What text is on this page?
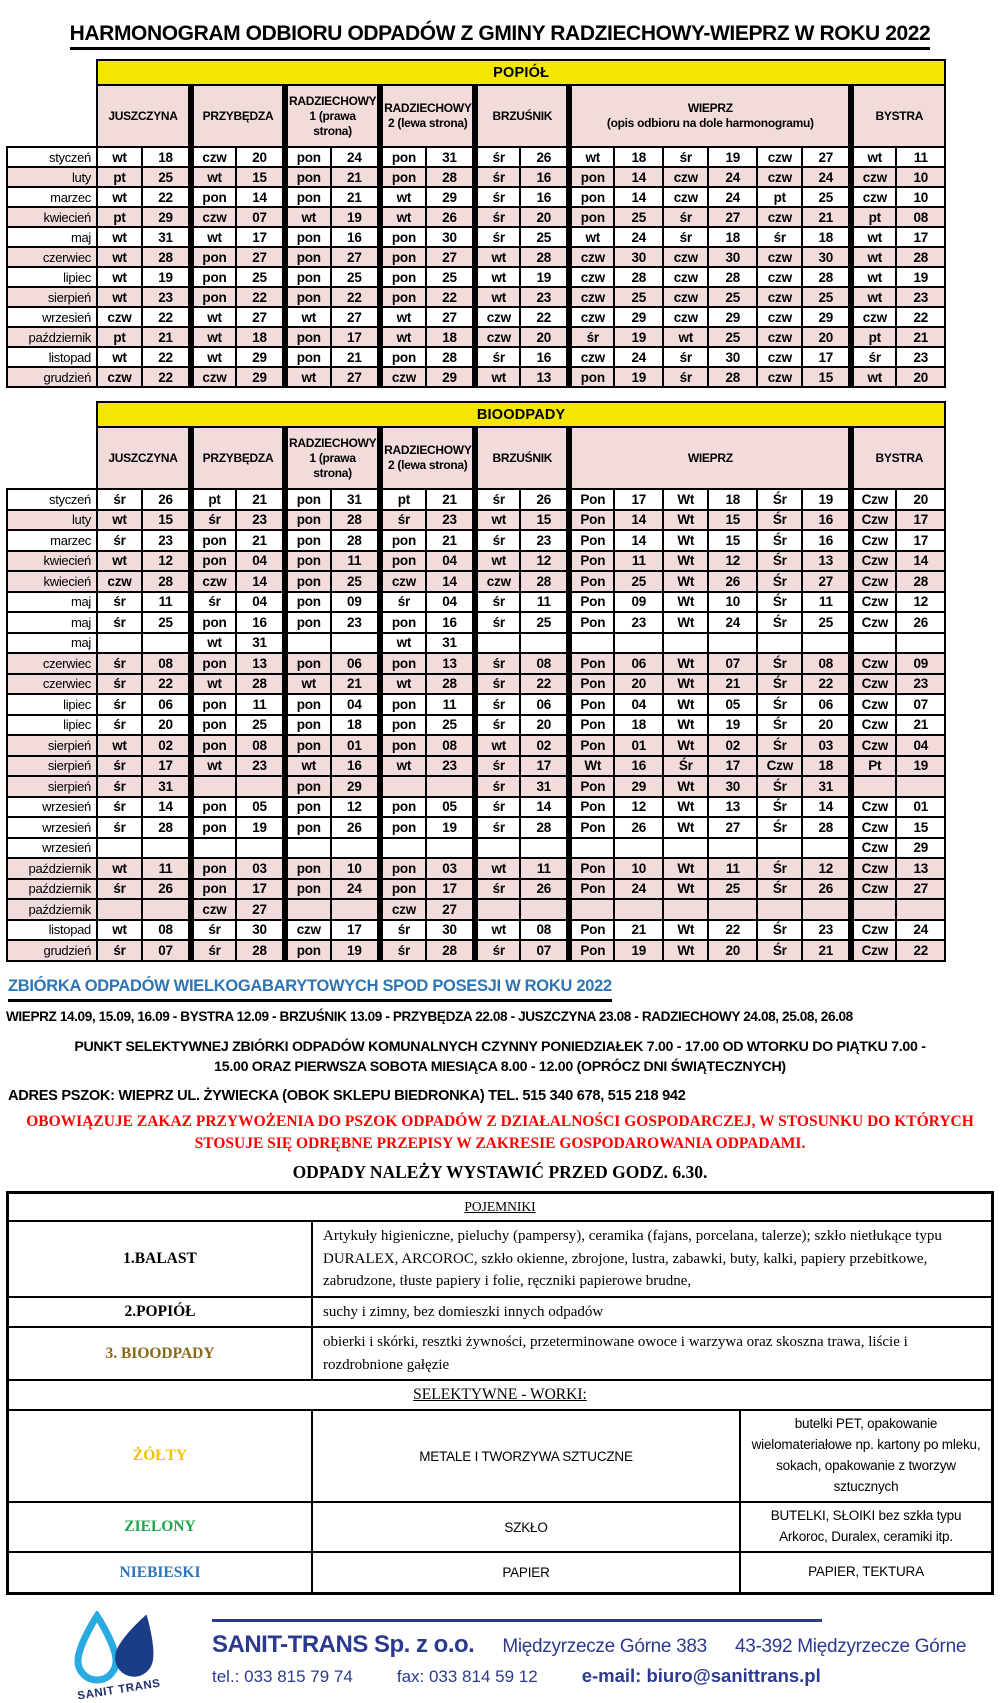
HARMONOGRAM ODBIORU ODPADÓW Z GMINY RADZIECHOWY-WIEPRZ W ROKU 2022
	POPIÓŁ																	
	JUSZCZYNA		PRZYBĘDZA		RADZIECHOWY 1 (prawa strona)		RADZIECHOWY 2 (lewa strona)		BRZUŚNIK		WIEPRZ
(opis odbioru na dole harmonogramu)						BYSTRA	
styczeń	wt	18	czw	20	pon	24	pon	31	śr	26	wt	18	śr	19	czw	27	wt	11
luty	pt	25	wt	15	pon	21	pon	28	śr	16	pon	14	czw	24	czw	24	czw	10
marzec	wt	22	pon	14	pon	21	wt	29	śr	16	pon	14	czw	24	pt	25	czw	10
kwiecień	pt	29	czw	07	wt	19	wt	26	śr	20	pon	25	śr	27	czw	21	pt	08
maj	wt	31	wt	17	pon	16	pon	30	śr	25	wt	24	śr	18	śr	18	wt	17
czerwiec	wt	28	pon	27	pon	27	pon	27	wt	28	czw	30	czw	30	czw	30	wt	28
lipiec	wt	19	pon	25	pon	25	pon	25	wt	19	czw	28	czw	28	czw	28	wt	19
sierpień	wt	23	pon	22	pon	22	pon	22	wt	23	czw	25	czw	25	czw	25	wt	23
wrzesień	czw	22	wt	27	wt	27	wt	27	czw	22	czw	29	czw	29	czw	29	czw	22
październik	pt	21	wt	18	pon	17	wt	18	czw	20	śr	19	wt	25	czw	20	pt	21
listopad	wt	22	wt	29	pon	21	pon	28	śr	16	czw	24	śr	30	czw	17	śr	23
grudzień	czw	22	czw	29	wt	27	czw	29	wt	13	pon	19	śr	28	czw	15	wt	20
	BIOODPADY																	
	JUSZCZYNA		PRZYBĘDZA		RADZIECHOWY 1 (prawa strona)		RADZIECHOWY 2 (lewa strona)		BRZUŚNIK		WIEPRZ						BYSTRA	
styczeń	śr	26	pt	21	pon	31	pt	21	śr	26	Pon	17	Wt	18	Śr	19	Czw	20
luty	wt	15	śr	23	pon	28	śr	23	wt	15	Pon	14	Wt	15	Śr	16	Czw	17
marzec	śr	23	pon	21	pon	28	pon	21	śr	23	Pon	14	Wt	15	Śr	16	Czw	17
kwiecień	wt	12	pon	04	pon	11	pon	04	wt	12	Pon	11	Wt	12	Śr	13	Czw	14
kwiecień	czw	28	czw	14	pon	25	czw	14	czw	28	Pon	25	Wt	26	Śr	27	Czw	28
maj	śr	11	śr	04	pon	09	śr	04	śr	11	Pon	09	Wt	10	Śr	11	Czw	12
maj	śr	25	pon	16	pon	23	pon	16	śr	25	Pon	23	Wt	24	Śr	25	Czw	26
maj			wt	31			wt	31										
czerwiec	śr	08	pon	13	pon	06	pon	13	śr	08	Pon	06	Wt	07	Śr	08	Czw	09
czerwiec	śr	22	wt	28	wt	21	wt	28	śr	22	Pon	20	Wt	21	Śr	22	Czw	23
lipiec	śr	06	pon	11	pon	04	pon	11	śr	06	Pon	04	Wt	05	Śr	06	Czw	07
lipiec	śr	20	pon	25	pon	18	pon	25	śr	20	Pon	18	Wt	19	Śr	20	Czw	21
sierpień	wt	02	pon	08	pon	01	pon	08	wt	02	Pon	01	Wt	02	Śr	03	Czw	04
sierpień	śr	17	wt	23	wt	16	wt	23	śr	17	Wt	16	Śr	17	Czw	18	Pt	19
sierpień	śr	31			pon	29			śr	31	Pon	29	Wt	30	Śr	31		
wrzesień	śr	14	pon	05	pon	12	pon	05	śr	14	Pon	12	Wt	13	Śr	14	Czw	01
wrzesień	śr	28	pon	19	pon	26	pon	19	śr	28	Pon	26	Wt	27	Śr	28	Czw	15
wrzesień																	Czw	29
październik	wt	11	pon	03	pon	10	pon	03	wt	11	Pon	10	Wt	11	Śr	12	Czw	13
październik	śr	26	pon	17	pon	24	pon	17	śr	26	Pon	24	Wt	25	Śr	26	Czw	27
październik			czw	27			czw	27										
listopad	wt	08	śr	30	czw	17	śr	30	wt	08	Pon	21	Wt	22	Śr	23	Czw	24
grudzień	śr	07	śr	28	pon	19	śr	28	śr	07	Pon	19	Wt	20	Śr	21	Czw	22
ZBIÓRKA ODPADÓW WIELKOGABARYTOWYCH SPOD POSESJI W ROKU 2022
WIEPRZ 14.09, 15.09, 16.09 - BYSTRA 12.09 - BRZUŚNIK 13.09 - PRZYBĘDZA 22.08 - JUSZCZYNA 23.08 - RADZIECHOWY 24.08, 25.08, 26.08
PUNKT SELEKTYWNEJ ZBIÓRKI ODPADÓW KOMUNALNYCH CZYNNY PONIEDZIAŁEK 7.00 - 17.00 OD WTORKU DO PIĄTKU 7.00 -
15.00 ORAZ PIERWSZA SOBOTA MIESIĄCA 8.00 - 12.00 (OPRÓCZ DNI ŚWIĄTECZNYCH)
ADRES PSZOK: WIEPRZ UL. ŻYWIECKA (OBOK SKLEPU BIEDRONKA) TEL. 515 340 678, 515 218 942
OBOWIĄZUJE ZAKAZ PRZYWOŻENIA DO PSZOK ODPADÓW Z DZIAŁALNOŚCI GOSPODARCZEJ, W STOSUNKU DO KTÓRYCH STOSUJE SIĘ ODRĘBNE PRZEPISY W ZAKRESIE GOSPODAROWANIA ODPADAMI.
ODPADY NALEŻY WYSTAWIĆ PRZED GODZ. 6.30.
POJEMNIKI		
1.BALAST	Artykuły higieniczne, pieluchy (pampersy), ceramika (fajans, porcelana, talerze); szkło nietłukące typu DURALEX, ARCOROC, szkło okienne, zbrojone, lustra, zabawki, buty, kalki, papiery przebitkowe, zabrudzone, tłuste papiery i folie, ręczniki papierowe brudne,	
2.POPIÓŁ	suchy i zimny, bez domieszki innych odpadów	
3. BIOODPADY	obierki i skórki, resztki żywności, przeterminowane owoce i warzywa oraz skoszna trawa, liście i rozdrobnione gałęzie	
SELEKTYWNE - WORKI:		
ŻÓŁTY	METALE I TWORZYWA SZTUCZNE	butelki PET, opakowanie wielomateriałowe np. kartony po mleku, sokach, opakowanie z tworzyw sztucznych
ZIELONY	SZKŁO	BUTELKI, SŁOIKI bez szkła typu Arkoroc, Duralex, ceramiki itp.
NIEBIESKI	PAPIER	PAPIER, TEKTURA
SANIT TRANS
SANIT-TRANS Sp. z o.o. Międzyrzecze Górne 383 43-392 Międzyrzecze Górne
tel.: 033 815 79 74	fax: 033 814 59 12 e-mail: biuro@sanittrans.pl
